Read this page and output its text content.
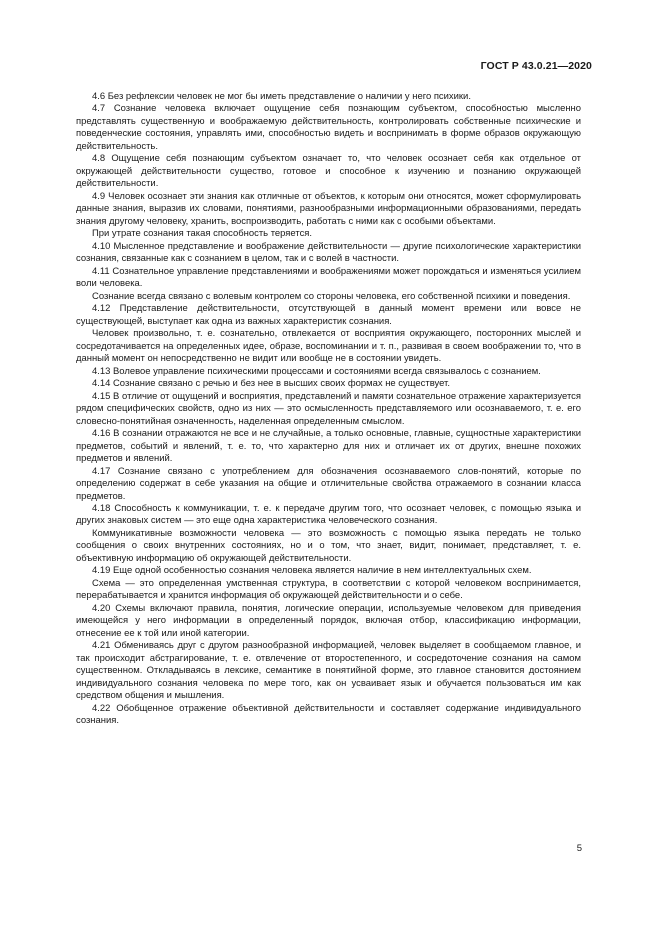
ГОСТ Р 43.0.21—2020

4.6 Без рефлексии человек не мог бы иметь представление о наличии у него психики.

4.7 Сознание человека включает ощущение себя познающим субъектом, способностью мысленно представлять существенную и воображаемую действительность, контролировать собственные психические и поведенческие состояния, управлять ими, способностью видеть и воспринимать в форме образов окружающую действительность.

4.8 Ощущение себя познающим субъектом означает то, что человек осознает себя как отдельное от окружающей действительности существо, готовое и способное к изучению и познанию окружающей действительности.

4.9 Человек осознает эти знания как отличные от объектов, к которым они относятся, может сформулировать данные знания, выразив их словами, понятиями, разнообразными информационными образованиями, передать знания другому человеку, хранить, воспроизводить, работать с ними как с особыми объектами.

При утрате сознания такая способность теряется.

4.10 Мысленное представление и воображение действительности — другие психологические характеристики сознания, связанные как с сознанием в целом, так и с волей в частности.

4.11 Сознательное управление представлениями и воображениями может порождаться и изменяться усилием воли человека.

Сознание всегда связано с волевым контролем со стороны человека, его собственной психики и поведения.

4.12 Представление действительности, отсутствующей в данный момент времени или вовсе не существующей, выступает как одна из важных характеристик сознания.

Человек произвольно, т. е. сознательно, отвлекается от восприятия окружающего, посторонних мыслей и сосредотачивается на определенных идее, образе, воспоминании и т. п., развивая в своем воображении то, что в данный момент он непосредственно не видит или вообще не в состоянии увидеть.

4.13 Волевое управление психическими процессами и состояниями всегда связывалось с сознанием.

4.14 Сознание связано с речью и без нее в высших своих формах не существует.

4.15 В отличие от ощущений и восприятия, представлений и памяти сознательное отражение характеризуется рядом специфических свойств, одно из них — это осмысленность представляемого или осознаваемого, т. е. его словесно-понятийная означенность, наделенная определенным смыслом.

4.16 В сознании отражаются не все и не случайные, а только основные, главные, сущностные характеристики предметов, событий и явлений, т. е. то, что характерно для них и отличает их от других, внешне похожих предметов и явлений.

4.17 Сознание связано с употреблением для обозначения осознаваемого слов-понятий, которые по определению содержат в себе указания на общие и отличительные свойства отражаемого в сознании класса предметов.

4.18 Способность к коммуникации, т. е. к передаче другим того, что осознает человек, с помощью языка и других знаковых систем — это еще одна характеристика человеческого сознания.

Коммуникативные возможности человека — это возможность с помощью языка передать не только сообщения о своих внутренних состояниях, но и о том, что знает, видит, понимает, представляет, т. е. объективную информацию об окружающей действительности.

4.19 Еще одной особенностью сознания человека является наличие в нем интеллектуальных схем.

Схема — это определенная умственная структура, в соответствии с которой человеком воспринимается, перерабатывается и хранится информация об окружающей действительности и о себе.

4.20 Схемы включают правила, понятия, логические операции, используемые человеком для приведения имеющейся у него информации в определенный порядок, включая отбор, классификацию информации, отнесение ее к той или иной категории.

4.21 Обмениваясь друг с другом разнообразной информацией, человек выделяет в сообщаемом главное, и так происходит абстрагирование, т. е. отвлечение от второстепенного, и сосредоточение сознания на самом существенном. Откладываясь в лексике, семантике в понятийной форме, это главное становится достоянием индивидуального сознания человека по мере того, как он усваивает язык и обучается пользоваться им как средством общения и мышления.

4.22 Обобщенное отражение объективной действительности и составляет содержание индивидуального сознания.

5
